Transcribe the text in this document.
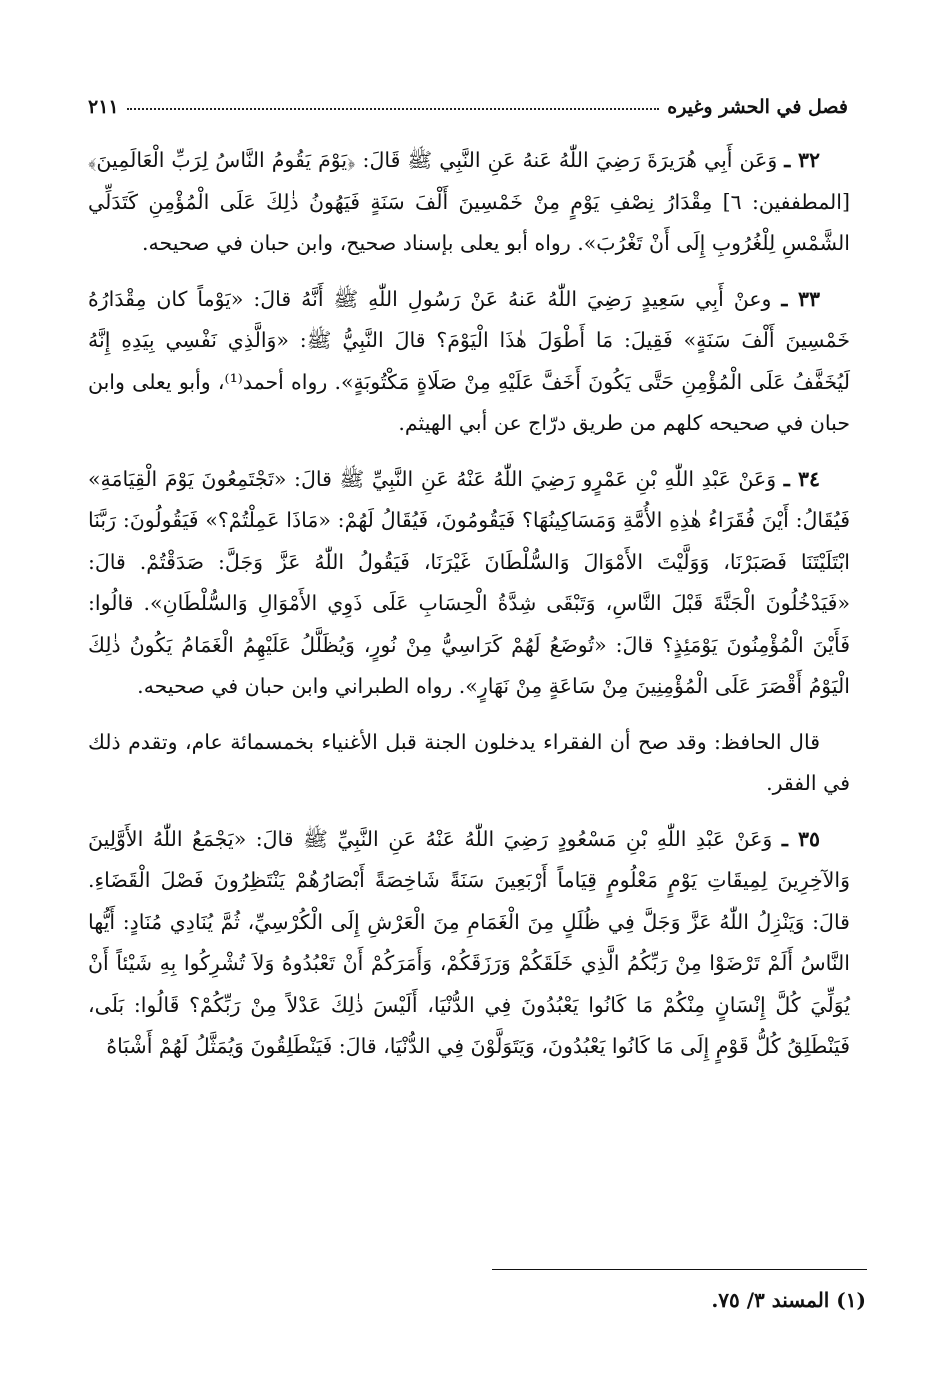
فصل في الحشر وغيره
٢١١

٣٢ ـ وَعَن أَبِي هُرَيرَةَ رَضِيَ اللّٰهُ عَنهُ عَنِ النَّبِي ﷺ قَالَ: ﴿يَوْمَ يَقُومُ النَّاسُ لِرَبِّ الْعَالَمِينَ﴾ [المطففين: ٦] مِقْدَارُ نِصْفِ يَوْمٍ مِنْ خَمْسِينَ أَلْفَ سَنَةٍ فَيَهُونُ ذٰلِكَ عَلَى الْمُؤْمِنِ كَتَدَلِّي الشَّمْسِ لِلْغُرُوبِ إِلَى أَنْ تَغْرُبَ». رواه أبو يعلى بإسناد صحيح، وابن حبان في صحيحه.

٣٣ ـ وعنْ أَبِي سَعِيدٍ رَضِيَ اللّٰهُ عَنهُ عَنْ رَسُولِ اللّٰهِ ﷺ أَنَّهُ قالَ: «يَوْماً كان مِقْدَارُهُ خَمْسِينَ أَلْفَ سَنَةٍ» فَقِيلَ: مَا أَطْوَلَ هٰذَا الْيَوْمَ؟ قالَ النَّبِيُّ ﷺ: «وَالَّذِي نَفْسِي بِيَدِهِ إِنَّهُ لَيُخَفَّفُ عَلَى الْمُؤْمِنِ حَتَّى يَكُونَ أَخَفَّ عَلَيْهِ مِنْ صَلَاةٍ مَكْتُوبَةٍ». رواه أحمد⁽¹⁾، وأبو يعلى وابن حبان في صحيحه كلهم من طريق درّاج عن أبي الهيثم.

٣٤ ـ وَعَنْ عَبْدِ اللّٰهِ بْنِ عَمْرٍو رَضِيَ اللّٰهُ عَنْهُ عَنِ النَّبِيِّ ﷺ قالَ: «تَجْتَمِعُونَ يَوْمَ الْقِيَامَةِ» فَيُقَالُ: أَيْنَ فُقَرَاءُ هٰذِهِ الأُمَّةِ وَمَسَاكِينُهَا؟ فَيَقُومُونَ، فَيُقَالُ لَهُمْ: «مَاذَا عَمِلْتُمْ؟» فَيَقُولُونَ: رَبَّنَا ابْتَلَيْتَنَا فَصَبَرْنَا، وَوَلَّيْتَ الأَمْوَالَ وَالسُّلْطَانَ غَيْرَنَا، فَيَقُولُ اللّٰهُ عَزَّ وَجَلَّ: صَدَقْتُمْ. قالَ: «فَيَدْخُلُونَ الْجَنَّةَ قَبْلَ النَّاسِ، وَتَبْقَى شِدَّةُ الْحِسَابِ عَلَى ذَوِي الأَمْوَالِ وَالسُّلْطَانِ». قالُوا: فَأَيْنَ الْمُؤْمِنُونَ يَوْمَئِذٍ؟ قالَ: «تُوضَعُ لَهُمْ كَرَاسِيُّ مِنْ نُورٍ، وَيُظَلَّلُ عَلَيْهِمُ الْغَمَامُ يَكُونُ ذٰلِكَ الْيَوْمُ أَقْصَرَ عَلَى الْمُؤْمِنِينَ مِنْ سَاعَةٍ مِنْ نَهَارٍ». رواه الطبراني وابن حبان في صحيحه.

قال الحافظ: وقد صح أن الفقراء يدخلون الجنة قبل الأغنياء بخمسمائة عام، وتقدم ذلك في الفقر.

٣٥ ـ وَعَنْ عَبْدِ اللّٰهِ بْنِ مَسْعُودٍ رَضِيَ اللّٰهُ عَنْهُ عَنِ النَّبِيِّ ﷺ قالَ: «يَجْمَعُ اللّٰهُ الأَوَّلِينَ وَالآخِرِينَ لِمِيقَاتِ يَوْمٍ مَعْلُومٍ قِيَاماً أَرْبَعِينَ سَنَةً شَاخِصَةً أَبْصَارُهُمْ يَنْتَظِرُونَ فَصْلَ الْقَضَاءِ. قالَ: وَيَنْزِلُ اللّٰهُ عَزَّ وَجَلَّ فِي ظُلَلٍ مِنَ الْغَمَامِ مِنَ الْعَرْشِ إِلَى الْكُرْسِيِّ، ثُمَّ يُنَادِي مُنَادٍ: أَيُّها النَّاسُ أَلَمْ تَرْضَوْا مِنْ رَبِّكُمُ الَّذِي خَلَقَكُمْ وَرَزَقَكُمْ، وَأَمَرَكُمْ أَنْ تَعْبُدُوهُ وَلاَ تُشْرِكُوا بِهِ شَيْئاً أَنْ يُوَلِّيَ كُلَّ إِنْسَانٍ مِنْكُمْ مَا كَانُوا يَعْبُدُونَ فِي الدُّنْيَا، أَلَيْسَ ذٰلِكَ عَدْلاً مِنْ رَبِّكُمْ؟ قَالُوا: بَلَى، فَيَنْطَلِقُ كُلُّ قَوْمٍ إِلَى مَا كَانُوا يَعْبُدُونَ، وَيَتَوَلَّوْنَ فِي الدُّنْيَا، قالَ: فَيَنْطَلِقُونَ وَيُمَثَّلُ لَهُمْ أَشْبَاهُ

(١) المسند ٣/ ٧٥.
